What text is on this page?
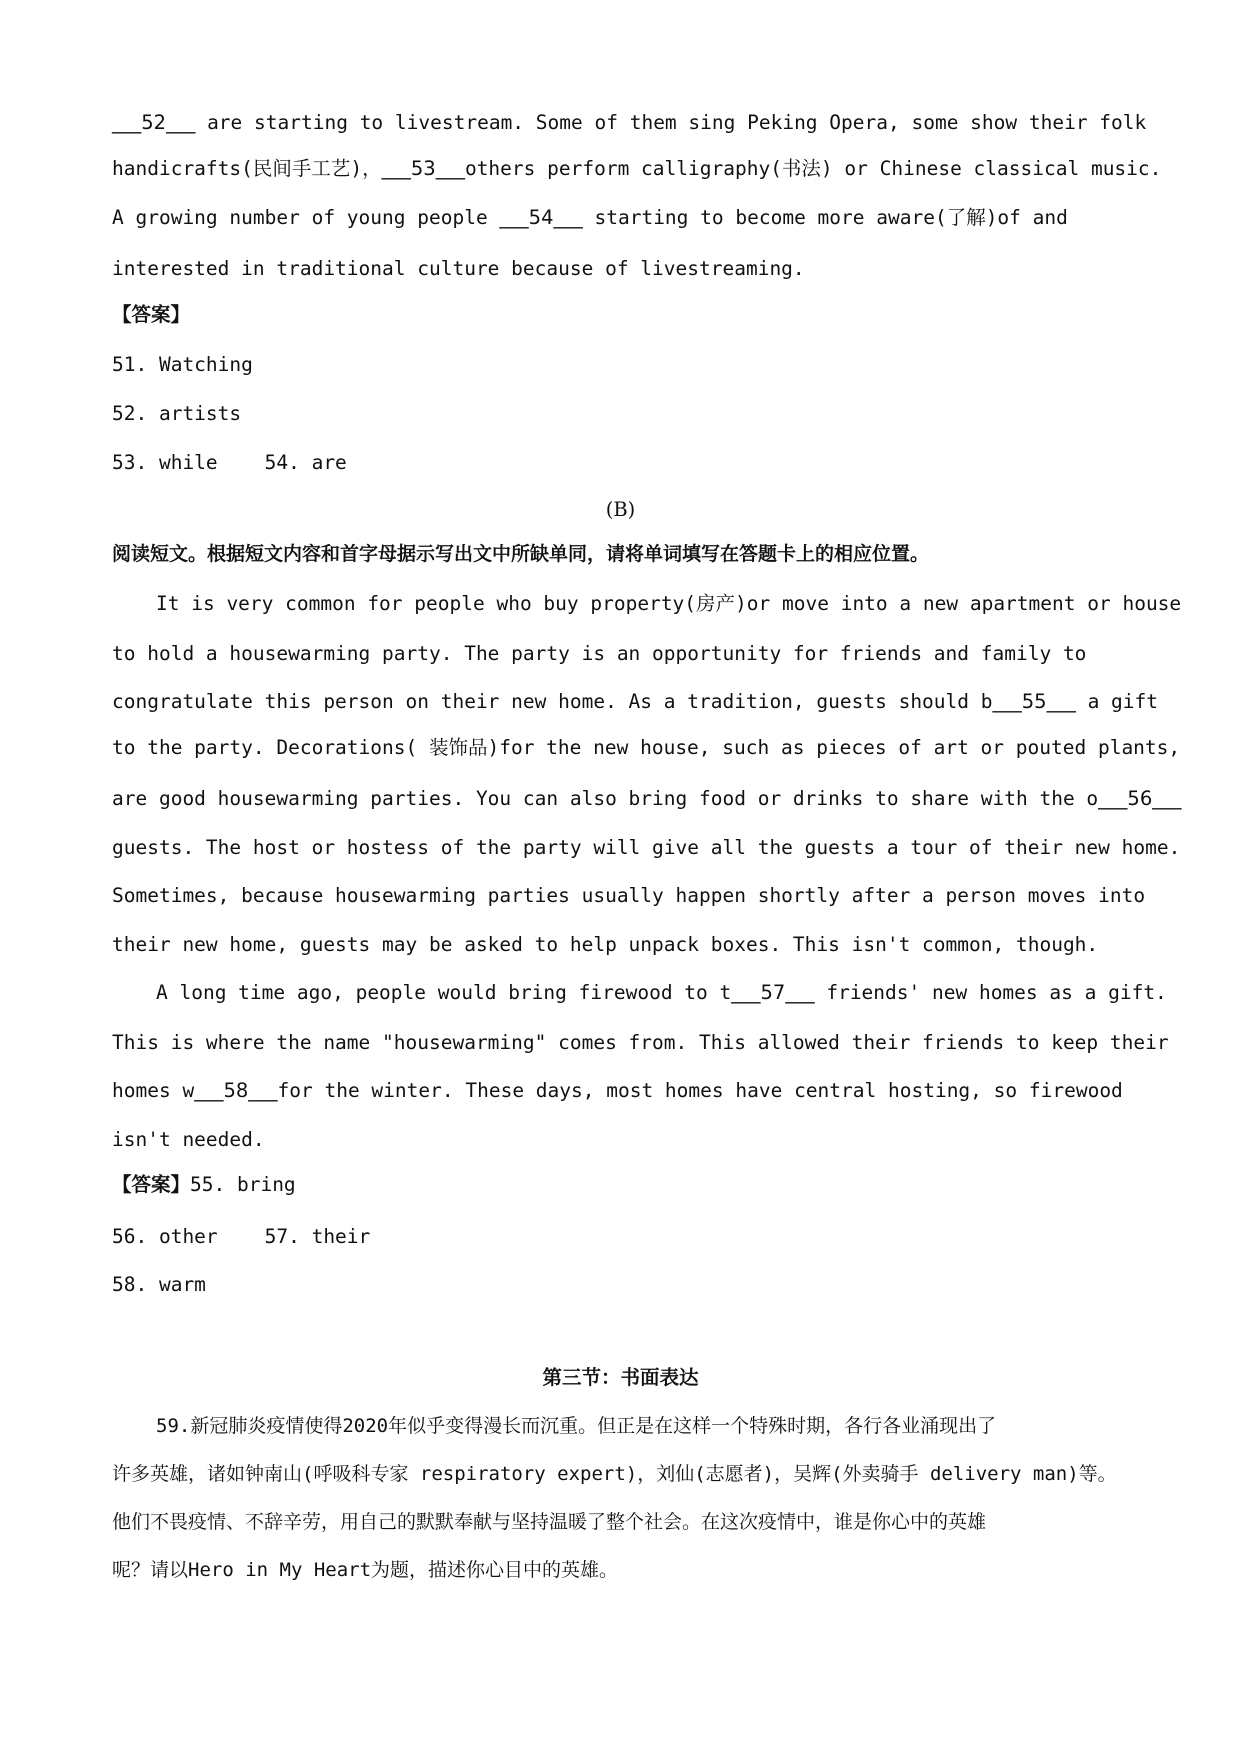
___52___ are starting to livestream. Some of them sing Peking Opera, some show their folk
handicrafts(民间手工艺)，___53___others perform calligraphy(书法) or Chinese classical music.
A growing number of young people ___54___ starting to become more aware(了解)of and
interested in traditional culture because of livestreaming.
【答案】
51. Watching
52. artists
53. while    54. are
(B)
阅读短文。根据短文内容和首字母据示写出文中所缺单同，请将单词填写在答题卡上的相应位置。
It is very common for people who buy property(房产)or move into a new apartment or house
to hold a housewarming party. The party is an opportunity for friends and family to
congratulate this person on their new home. As a tradition, guests should b___55___ a gift
to the party. Decorations( 装饰品)for the new house, such as pieces of art or pouted plants,
are good housewarming parties. You can also bring food or drinks to share with the o___56___
guests. The host or hostess of the party will give all the guests a tour of their new home.
Sometimes, because housewarming parties usually happen shortly after a person moves into
their new home, guests may be asked to help unpack boxes. This isn't common, though.
A long time ago, people would bring firewood to t___57___ friends' new homes as a gift.
This is where the name "housewarming" comes from. This allowed their friends to keep their
homes w___58___for the winter. These days, most homes have central hosting, so firewood
isn't needed.
【答案】55. bring
56. other    57. their
58. warm
第三节：书面表达
59.新冠肺炎疫情使得2020年似乎变得漫长而沉重。但正是在这样一个特殊时期，各行各业涌现出了
许多英雄，诸如钟南山(呼吸科专家 respiratory expert)，刘仙(志愿者)，吴辉(外卖骑手 delivery man)等。
他们不畏疫情、不辞辛劳，用自己的默默奉献与坚持温暖了整个社会。在这次疫情中，谁是你心中的英雄
呢？请以Hero in My Heart为题，描述你心目中的英雄。
